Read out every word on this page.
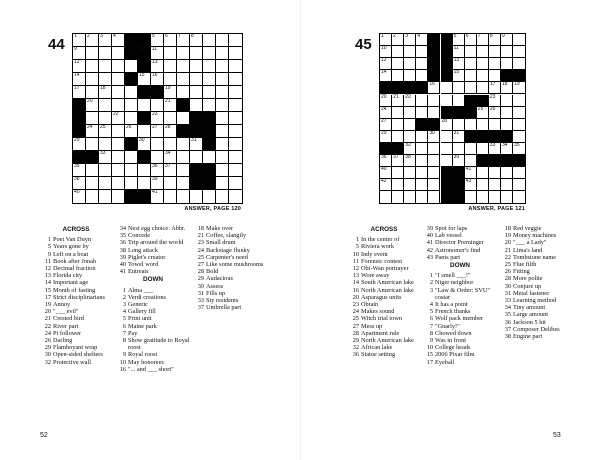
44 1 2 3 4	5 6 7 8
9	10 11
12	13
14	15 16
17	18	19
20	21
22	23
24 25	26	27 28
29	30	31
32	33	34
35	36 37
38	39
40	41
ANSWER, PAGE 120
ACROSS
1 Poet Van Duyn
5 Years gone by
9 Left on a boat
11 Book after Jonah
12 Decimal fraction
13 Florida city
14 Important age
15 Month of fasting
17 Strict disciplinarians
19 Annoy
20 "___ evil"
21 Crested bird
22 River part
24 Pi follower
26 Darling
29 Flamboyant wrap
30 Open-sided shelters
32 Protective wall
34 Nest egg choice: Abbr.
35 Concede
36 Trip around the world
38 Long attack
39 Piglet's creator
40 Towel word
41 Entreats
DOWN
1 Alma ___
2 Verdi creations
3 Generic
4 Gallery fill
5 Print unit
6 Maine park
7 Pay
8 Show gratitude to Royal roost
9 Royal roost
10 May honorees
16 "... and ___ short"
18 Make over
21 Coffee, slangily
23 Small drum
24 Backstage flunky
25 Carpenter's need
27 Like some mushrooms
28 Bold
29 Audacious
30 Assess
31 Fills up
33 Sty residents
37 Umbrella part
52
45 1 2 3 4	5 6 7 8 9
10	11
12	13
14	15
16	17 18 19
20 21 22	23
24	25 26
27	28
29	30	31
32	33 34 35
36 37 38	39
40	41
42	43
ANSWER, PAGE 121
ACROSS
1 In the center of
5 Riviera work
10 Indy event
11 Forensic contest
12 Obi-Wan portrayer
13 Wore away
14 South American lake
16 North American lake
20 Asparagus units
23 Obtain
24 Makes sound
25 Witch trial town
27 Mess up
28 Apartment rule
29 North American lake
32 African lake
36 Statue setting
39 Spot for laps
40 Lab vessel
41 Director Preminger
42 Astronomer's find
43 Pants part
DOWN
1 "I smell ___!"
2 Niger neighbor
3 "Law & Order: SVU" costar
4 It has a point
5 French thanks
6 Wolf pack member
7 "Gnarly!"
8 Chowed down
9 Was in front
10 College heads
15 2006 Pixar film
17 Eyeball
18 Red veggie
19 Money machines
20 "___ a Lady"
21 Lima's land
22 Tombstone name
25 Flue filth
26 Fitting
28 More polite
30 Conjure up
31 Metal fastener
33 Learning method
34 Tiny amount
35 Large amount
36 Jackson 5 hit
37 Composer Delibes
38 Engine part
53
